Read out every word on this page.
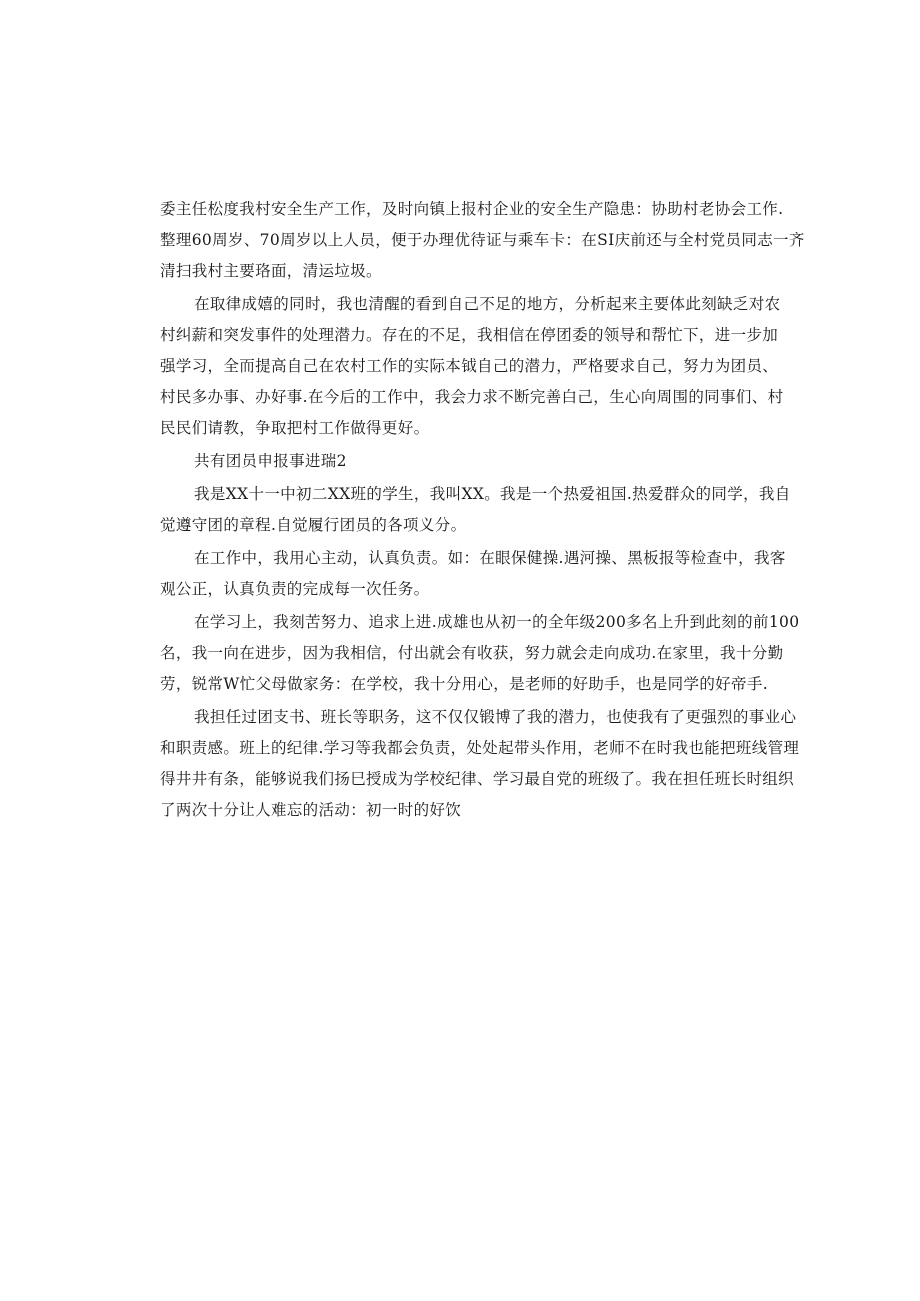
委主任松度我村安全生产工作，及时向镇上报村企业的安全生产隐患：协助村老协会工作.
整理60周岁、70周岁以上人员，便于办理优待证与乘车卡：在SI庆前还与全村党员同志一齐
清扫我村主要珞面，清运垃圾。
在取律成嬉的同时，我也清醒的看到自己不足的地方，分析起来主要体此刻缺乏对农
村纠薪和突发事件的处理潜力。存在的不足，我相信在停团委的领导和帮忙下，进一步加
强学习，全而提高自己在农村工作的实际本钺自己的潜力，严格要求自己，努力为团员、
村民多办事、办好事.在今后的工作中，我会力求不断完善白己，生心向周围的同事们、村
民民们请教，争取把村工作做得更好。
共有团员申报事进瑞2
我是XX十一中初二XX班的学生，我叫XX。我是一个热爱祖国.热爱群众的同学，我自
觉遵守团的章程.自觉履行团员的各项义分。
在工作中，我用心主动，认真负责。如：在眼保健操.遇河操、黑板报等检查中，我客
观公正，认真负责的完成每一次任务。
在学习上，我刻苦努力、追求上进.成雄也从初一的全年级200多名上升到此刻的前100
名，我一向在进步，因为我相信，付出就会有收获，努力就会走向成功.在家里，我十分勤
劳，锐常W忙父母做家务：在学校，我十分用心，是老师的好助手，也是同学的好帝手.
我担任过团支书、班长等职务，这不仅仅锻博了我的潜力，也使我有了更强烈的事业心
和职责感。班上的纪律.学习等我都会负责，处处起带头作用，老师不在时我也能把班线管理
得井井有条，能够说我们扬巳授成为学校纪律、学习最自党的班级了。我在担任班长时组织
了两次十分让人难忘的活动：初一时的好饮
